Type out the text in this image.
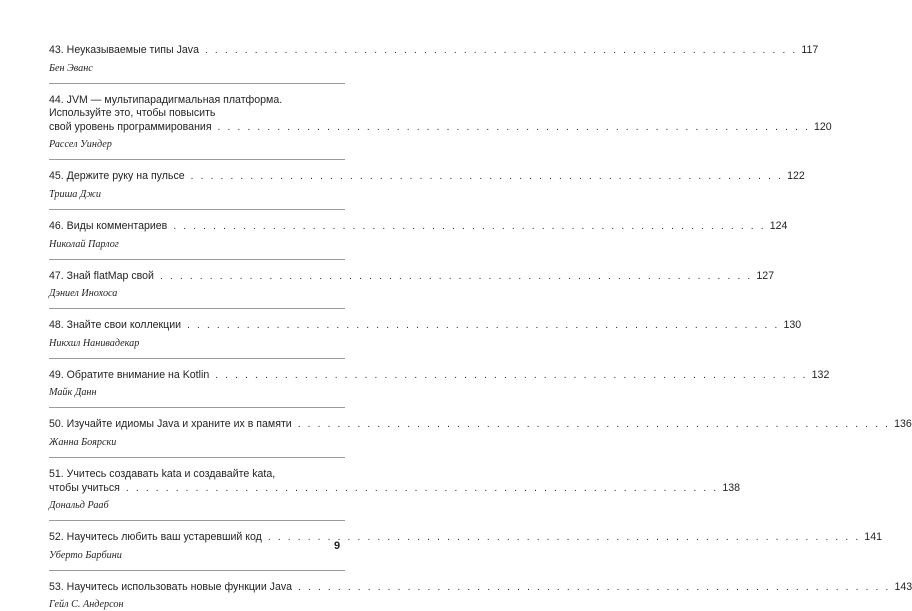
43. Неуказываемые типы Java . . . . . . . . . . . . . . . . . . . . . . . . . . . . . . . . . . . . . . . . . . . . . . . . . . . . . . . . . . . . 117
Бен Эванс
44. JVM — мультипарадигмальная платформа.
Используйте это, чтобы повысить
свой уровень программирования . . . . . . . . . . . . . . . . . . . . . . . . . . . . . . . . . . . . . . . . . . . . . . . . . . . . . . . . . . . . 120
Рассел Уиндер
45. Держите руку на пульсе . . . . . . . . . . . . . . . . . . . . . . . . . . . . . . . . . . . . . . . . . . . . . . . . . . . . . . . . . . . . 122
Триша Джи
46. Виды комментариев . . . . . . . . . . . . . . . . . . . . . . . . . . . . . . . . . . . . . . . . . . . . . . . . . . . . . . . . . . . . 124
Николай Парлог
47. Знай flatMap свой . . . . . . . . . . . . . . . . . . . . . . . . . . . . . . . . . . . . . . . . . . . . . . . . . . . . . . . . . . . . 127
Дэниел Инохоса
48. Знайте свои коллекции . . . . . . . . . . . . . . . . . . . . . . . . . . . . . . . . . . . . . . . . . . . . . . . . . . . . . . . . . . . . 130
Никхил Нанивадекар
49. Обратите внимание на Kotlin . . . . . . . . . . . . . . . . . . . . . . . . . . . . . . . . . . . . . . . . . . . . . . . . . . . . . . . . . . . . 132
Майк Данн
50. Изучайте идиомы Java и храните их в памяти . . . . . . . . . . . . . . . . . . . . . . . . . . . . . . . . . . . . . . . . . . . . . . . . . . . . . . . . . . . . 136
Жанна Боярски
51. Учитесь создавать kata и создавайте kata,
чтобы учиться . . . . . . . . . . . . . . . . . . . . . . . . . . . . . . . . . . . . . . . . . . . . . . . . . . . . . . . . . . . . 138
Дональд Рааб
52. Научитесь любить ваш устаревший код . . . . . . . . . . . . . . . . . . . . . . . . . . . . . . . . . . . . . . . . . . . . . . . . . . . . . . . . . . . . 141
Уберто Барбини
53. Научитесь использовать новые функции Java . . . . . . . . . . . . . . . . . . . . . . . . . . . . . . . . . . . . . . . . . . . . . . . . . . . . . . . . . . . . 143
Гейл С. Андерсон
9
